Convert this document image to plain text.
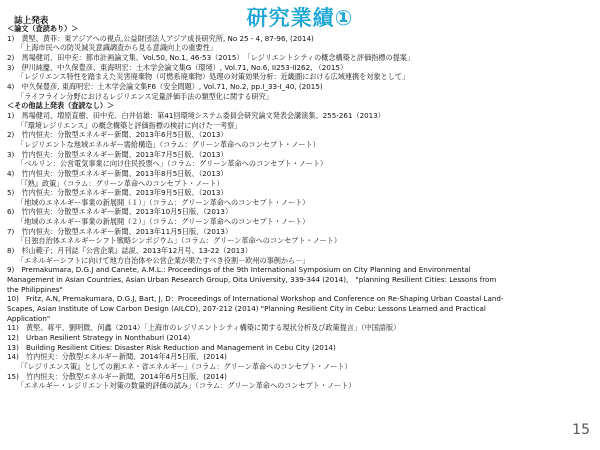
研究業績①
誌上発表
＜論文（査読あり）＞
1)　黄堅、黄菲：東アジアへの視点,公益財団法人アジア成長研究所, No 25 - 4, 87-96, (2014)
「上海市民への防災減災意識調査から見る意識向上の重要性」
2)　馬場健司、田中充：都市計画論文集、Vol.50, No.1, 46-53（2015）　「レジリエントシティの概念構築と評価指標の提案」
3)　伊川純慶、中久保豊彦、東海明宏：土木学会論文集G（環境）, Vol.71, No.6, II253-II262, （2015）
「レジリエンス特性を踏まえた災害廃棄物（可燃系廃棄物）処理の対策効果分析：近畿圏における広域連携を対象として」
4)　中久保豊彦, 東海明宏：土木学会論文集F6（安全問題）, Vol.71, No.2, pp.I_33-I_40, (2015)
「ライフライン分野におけるレジリエンス定量評価手法の類型化に関する研究」
＜その他誌上発表（査読なし）＞
1)　馬場健司、増原直樹、田中充、白井信雄：第41回環境システム委員会研究論文発表会講演集、255-261（2013）
「『環境レジリエンス』の概念構築と評価指標の検討に向けた一考察」
2)　竹内恒夫：分散型エネルギー新聞、2013年6月5日版、（2013）
「レジリエントな地域エネルギー需給構造」（コラム：グリーン革命へのコンセプト・ノート）
3)　竹内恒夫：分散型エネルギー新聞、2013年7月5日版、（2013）
「ベルリン：公営電気事業に向け住民投票へ」（コラム：グリーン革命へのコンセプト・ノート）
4)　竹内恒夫：分散型エネルギー新聞、2013年8月5日版、（2013）
「『熟』政策」（コラム：グリーン革命へのコンセプト・ノート）
5)　竹内恒夫：分散型エネルギー新聞、2013年9月5日版、（2013）
「地域のエネルギー事業の新展開（１）」（コラム：グリーン革命へのコンセプト・ノート）
6)　竹内恒夫：分散型エネルギー新聞、2013年10月5日版、（2013）
「地域のエネルギー事業の新展開（２）」（コラム：グリーン革命へのコンセプト・ノート）
7)　竹内恒夫：分散型エネルギー新聞、2013年11月5日版、（2013）
「日独自治体エネルギーシフト戦略シンポジウム」（コラム：グリーン革命へのコンセプト・ノート）
8)　杉山範子；月刊誌『公営企業』誌説、2013年12月号、13-22（2013）
「エネルギーシフトに向けて地方自治体や公営企業が果たすべき役割－欧州の事例から－」
9)　Premakumara, D.G.J and Canete, A.M.L.: Proceedings of the 9th International Symposium on City Planning and Environmental
Management in Asian Countries, Asian Urban Research Group, Oita University, 339-344 (2014),　"planning Resilient Cities: Lessons from
the Philippines"
10)　Fritz, A.N, Premakumara, D.G.J, Bart, J, D：Proceedings of International Workshop and Conference on Re-Shaping Urban Coastal Land-
Scapes, Asian Institute of Low Carbon Design (AILCD), 207-212 (2014) "Planning Resilient City in Cebu: Lessons Learned and Practical
Application"
11)　黄堅、蒋平、劉明微、何鑫（2014）「上海市のレジリエントシティ構築に関する現状分析及び政策提言」（中国語版）
12)　Urban Resilient Strategy in Nonthaburi (2014)
13)　Building Resilient Cities: Disaster Risk Reduction and Management in Cebu City (2014)
14)　竹内恒夫：分散型エネルギー新聞、2014年4月5日版、(2014)
「『レジリエンス策』としての創エネ・省エネルギー」（コラム：グリーン革命へのコンセプト・ノート）
15)　竹内恒夫：分散型エネルギー新聞、2014年6月5日版、(2014)
「エネルギー・レジリエント対策の数量的評価の試み」（コラム：グリーン革命へのコンセプト・ノート）
15
